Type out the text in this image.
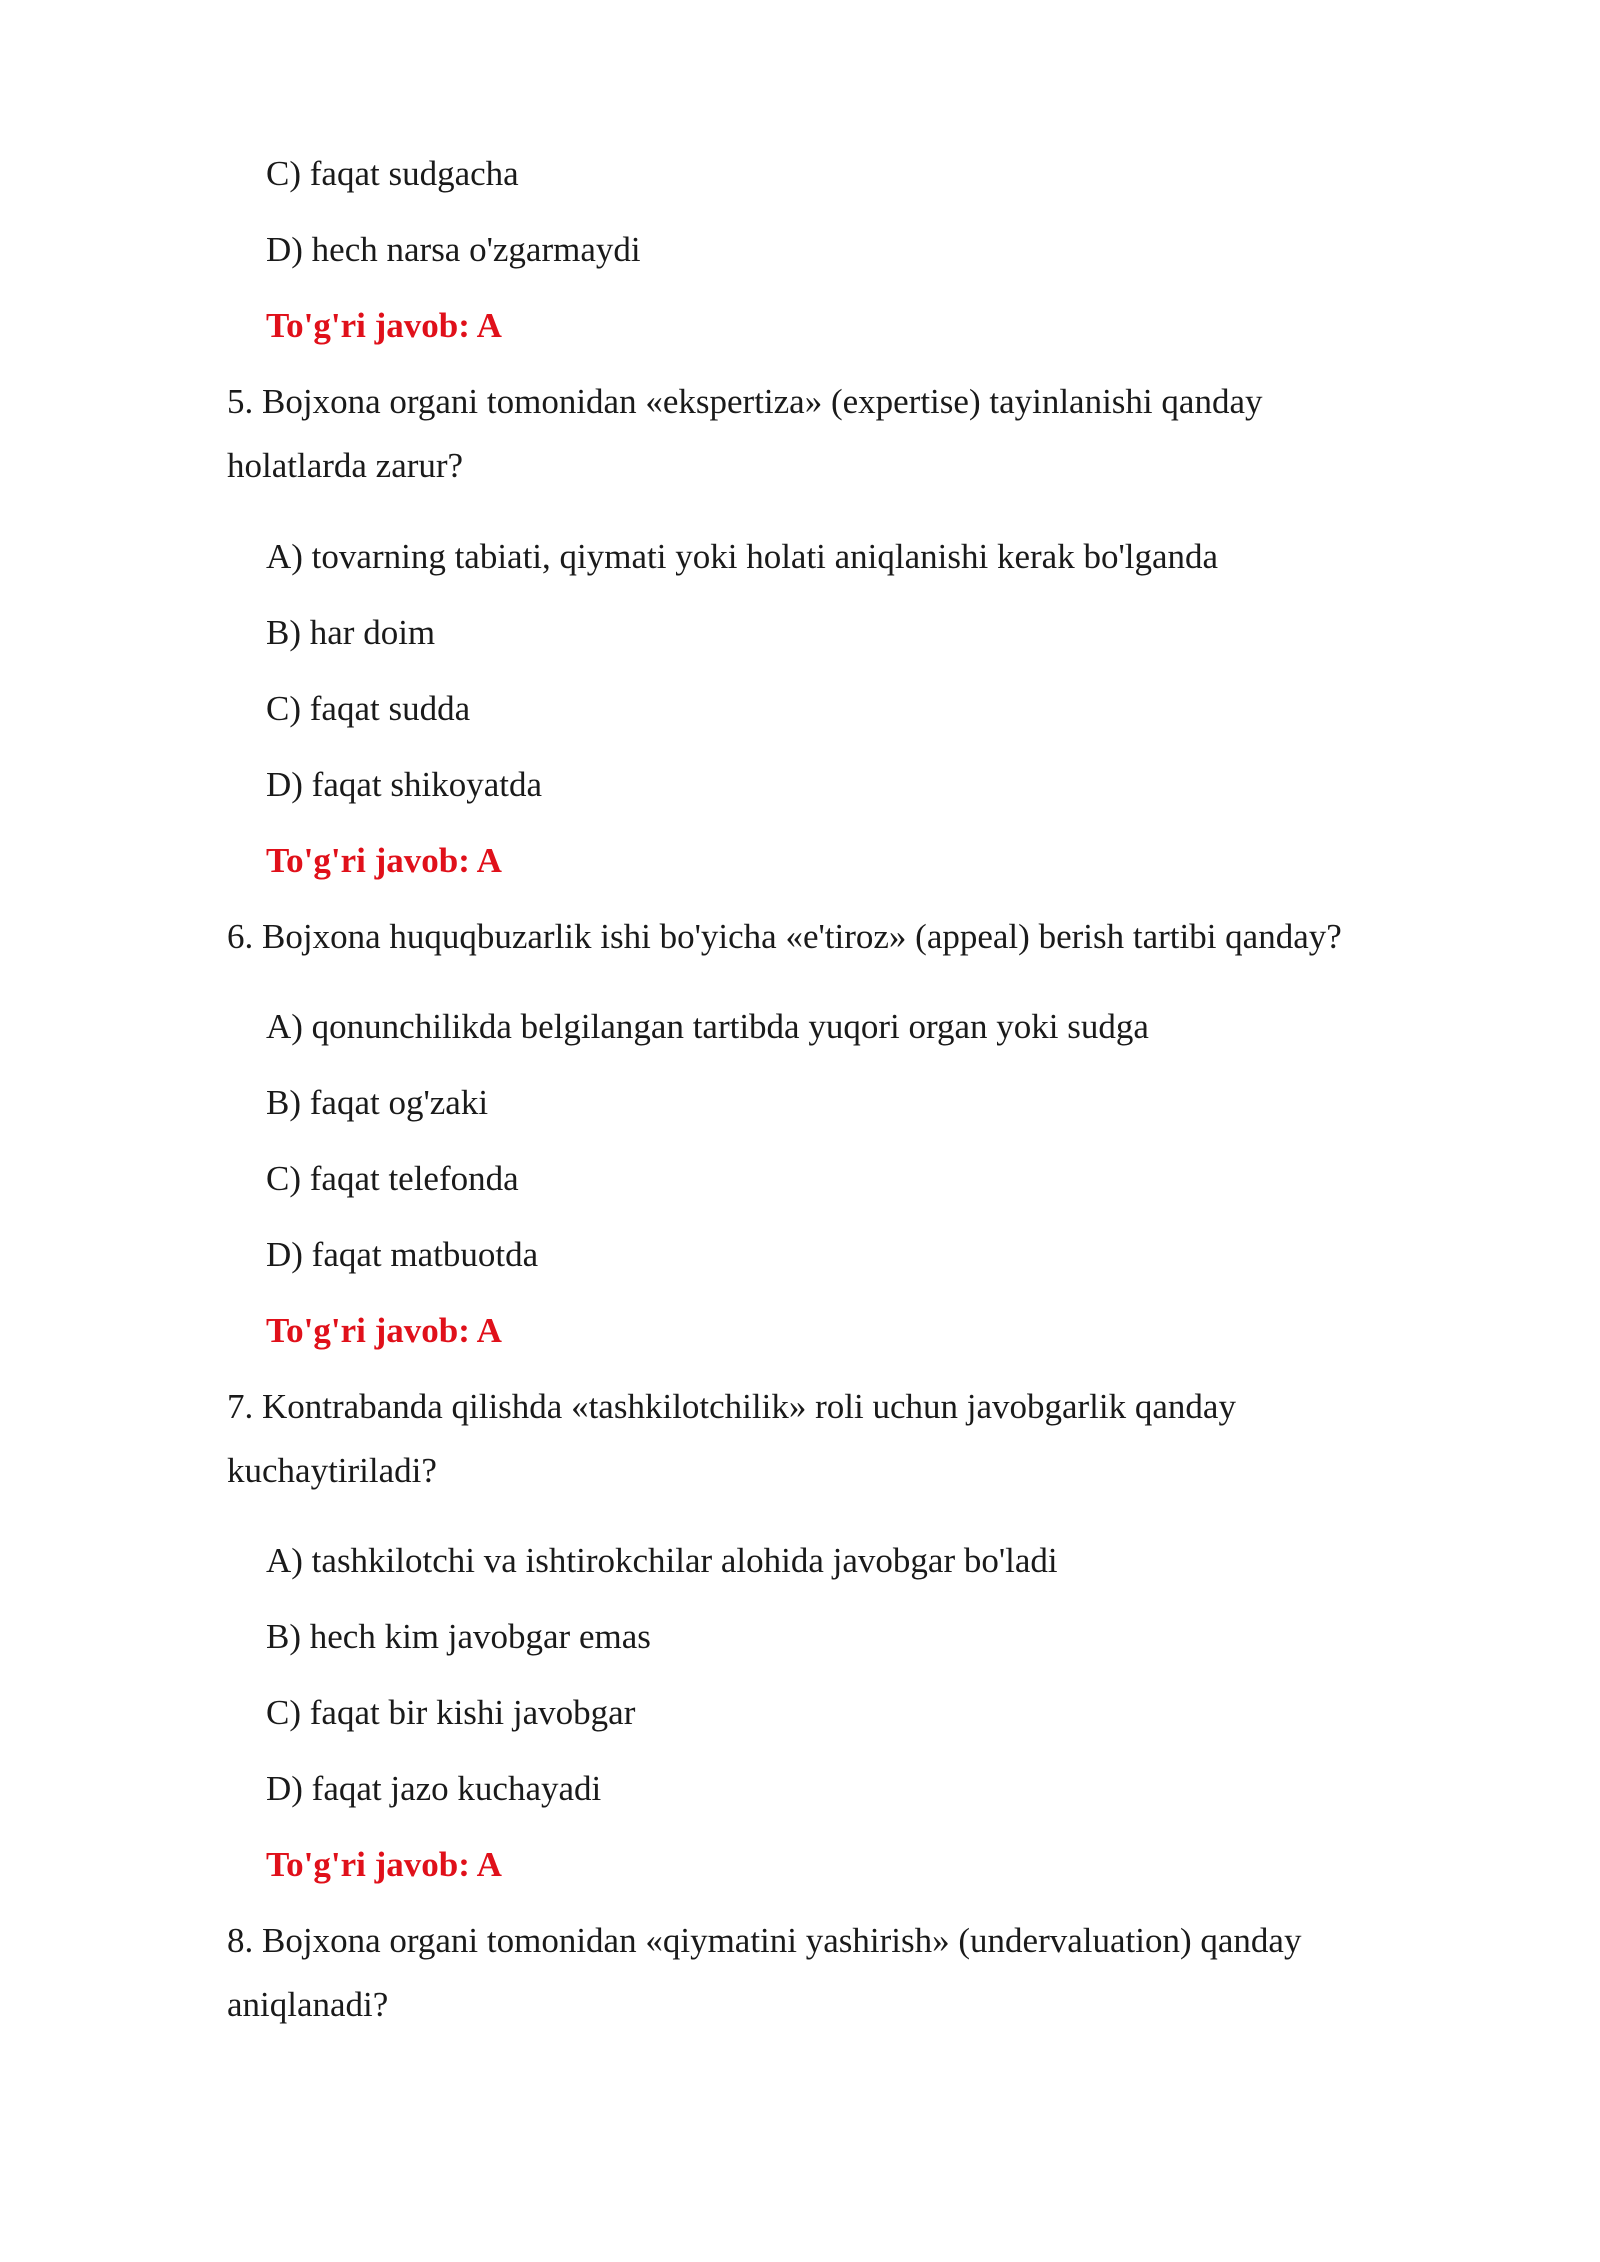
C) faqat sudgacha
D) hech narsa o'zgarmaydi
To'g'ri javob: A
5. Bojxona organi tomonidan «ekspertiza» (expertise) tayinlanishi qanday
holatlarda zarur?
A) tovarning tabiati, qiymati yoki holati aniqlanishi kerak bo'lganda
B) har doim
C) faqat sudda
D) faqat shikoyatda
To'g'ri javob: A
6. Bojxona huquqbuzarlik ishi bo'yicha «e'tiroz» (appeal) berish tartibi qanday?
A) qonunchilikda belgilangan tartibda yuqori organ yoki sudga
B) faqat og'zaki
C) faqat telefonda
D) faqat matbuotda
To'g'ri javob: A
7. Kontrabanda qilishda «tashkilotchilik» roli uchun javobgarlik qanday
kuchaytiriladi?
A) tashkilotchi va ishtirokchilar alohida javobgar bo'ladi
B) hech kim javobgar emas
C) faqat bir kishi javobgar
D) faqat jazo kuchayadi
To'g'ri javob: A
8. Bojxona organi tomonidan «qiymatini yashirish» (undervaluation) qanday
aniqlanadi?
